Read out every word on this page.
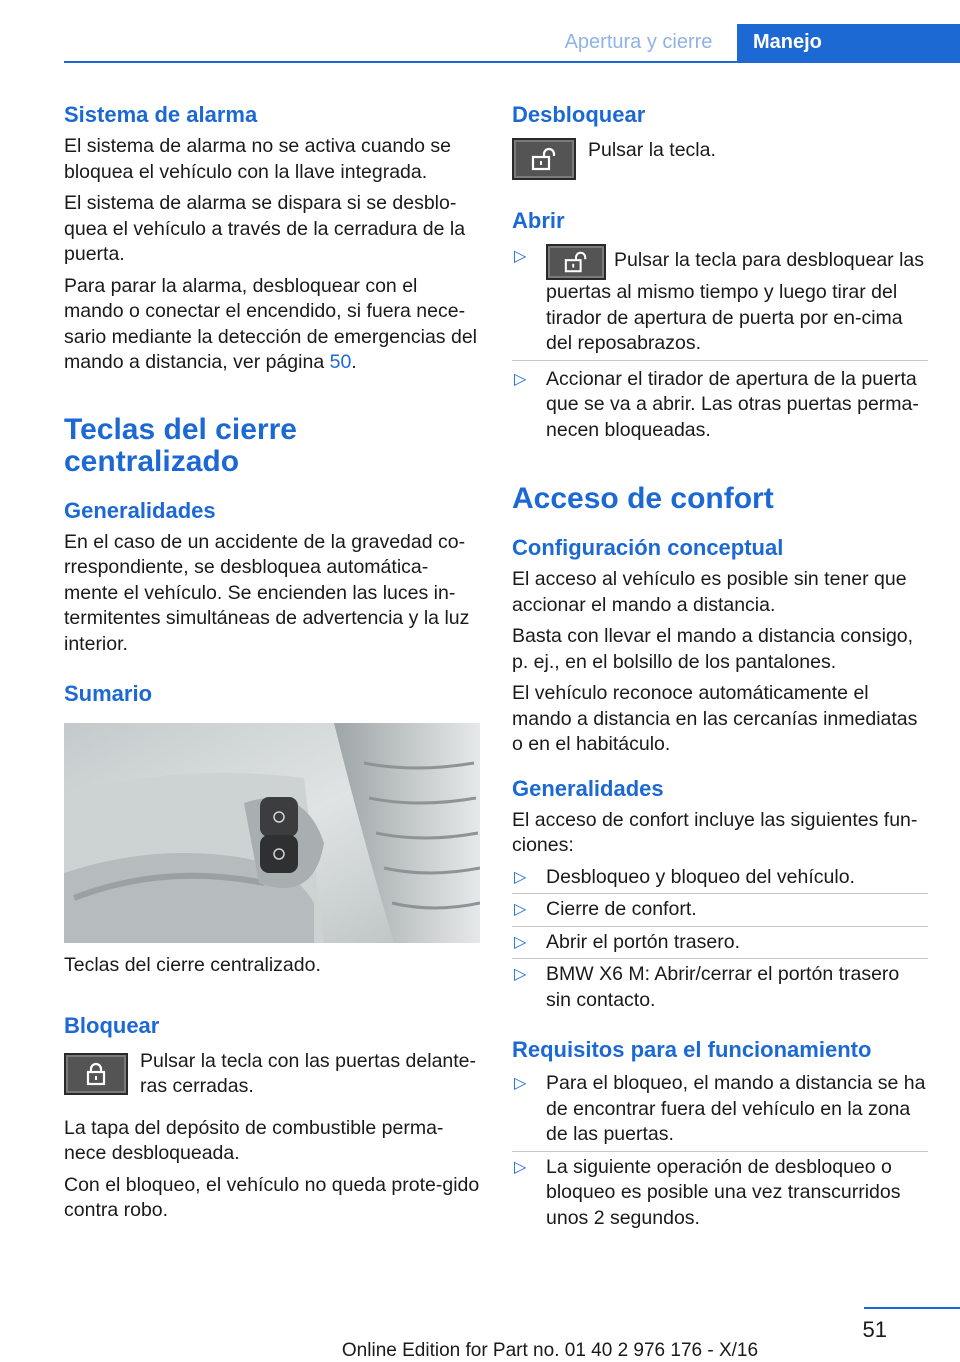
Apertura y cierre	Manejo
Sistema de alarma

El sistema de alarma no se activa cuando se bloquea el vehículo con la llave integrada.

El sistema de alarma se dispara si se desblo‐quea el vehículo a través de la cerradura de la puerta.

Para parar la alarma, desbloquear con el mando o conectar el encendido, si fuera nece‐sario mediante la detección de emergencias del mando a distancia, ver página 50.

Teclas del cierre
centralizado
Generalidades

En el caso de un accidente de la gravedad co‐rrespondiente, se desbloquea automática‐mente el vehículo. Se encienden las luces in‐termitentes simultáneas de advertencia y la luz interior.

Sumario

Teclas del cierre centralizado.

Bloquear

Pulsar la tecla con las puertas delante‐ras cerradas.

La tapa del depósito de combustible perma‐nece desbloqueada.

Con el bloqueo, el vehículo no queda prote‐gido contra robo.

Desbloquear

Pulsar la tecla.

Abrir
▷	Pulsar la tecla para desbloquear las puertas al mismo tiempo y luego tirar del tirador de apertura de puerta por en‐cima del reposabrazos.
▷ Accionar el tirador de apertura de la puerta que se va a abrir. Las otras puertas perma‐necen bloqueadas.
Acceso de confort
Configuración conceptual

El acceso al vehículo es posible sin tener que accionar el mando a distancia.

Basta con llevar el mando a distancia consigo, p. ej., en el bolsillo de los pantalones.

El vehículo reconoce automáticamente el mando a distancia en las cercanías inmediatas o en el habitáculo.

Generalidades

El acceso de confort incluye las siguientes fun‐ciones:

▷ Desbloqueo y bloqueo del vehículo.
▷ Cierre de confort.
▷ Abrir el portón trasero.
▷ BMW X6 M: Abrir/cerrar el portón trasero sin contacto.
Requisitos para el funcionamiento
▷ Para el bloqueo, el mando a distancia se ha de encontrar fuera del vehículo en la zona de las puertas.
▷ La siguiente operación de desbloqueo o bloqueo es posible una vez transcurridos unos 2 segundos.
51
Online Edition for Part no. 01 40 2 976 176 - X/16
